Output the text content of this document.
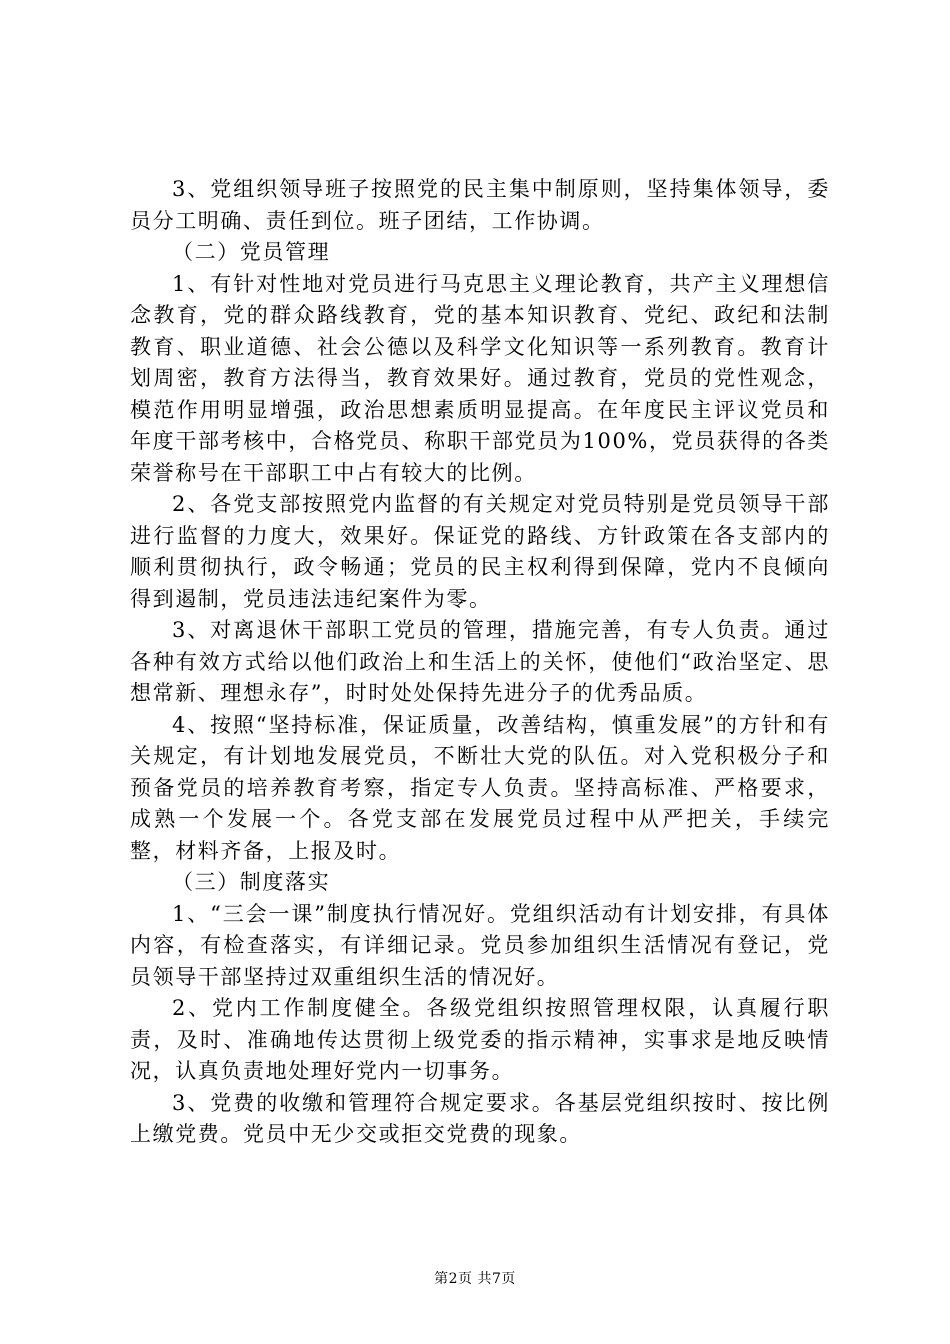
3、党组织领导班子按照党的民主集中制原则，坚持集体领导，委员分工明确、责任到位。班子团结，工作协调。

（二）党员管理

1、有针对性地对党员进行马克思主义理论教育，共产主义理想信念教育，党的群众路线教育，党的基本知识教育、党纪、政纪和法制教育、职业道德、社会公德以及科学文化知识等一系列教育。教育计划周密，教育方法得当，教育效果好。通过教育，党员的党性观念，模范作用明显增强，政治思想素质明显提高。在年度民主评议党员和年度干部考核中，合格党员、称职干部党员为100%，党员获得的各类荣誉称号在干部职工中占有较大的比例。

2、各党支部按照党内监督的有关规定对党员特别是党员领导干部进行监督的力度大，效果好。保证党的路线、方针政策在各支部内的顺利贯彻执行，政令畅通；党员的民主权利得到保障，党内不良倾向得到遏制，党员违法违纪案件为零。

3、对离退休干部职工党员的管理，措施完善，有专人负责。通过各种有效方式给以他们政治上和生活上的关怀，使他们“政治坚定、思想常新、理想永存”，时时处处保持先进分子的优秀品质。

4、按照“坚持标准，保证质量，改善结构，慎重发展”的方针和有关规定，有计划地发展党员，不断壮大党的队伍。对入党积极分子和预备党员的培养教育考察，指定专人负责。坚持高标准、严格要求，成熟一个发展一个。各党支部在发展党员过程中从严把关，手续完整，材料齐备，上报及时。

（三）制度落实

1、“三会一课”制度执行情况好。党组织活动有计划安排，有具体内容，有检查落实，有详细记录。党员参加组织生活情况有登记，党员领导干部坚持过双重组织生活的情况好。

2、党内工作制度健全。各级党组织按照管理权限，认真履行职责，及时、准确地传达贯彻上级党委的指示精神，实事求是地反映情况，认真负责地处理好党内一切事务。

3、党费的收缴和管理符合规定要求。各基层党组织按时、按比例上缴党费。党员中无少交或拒交党费的现象。

第2页 共7页
